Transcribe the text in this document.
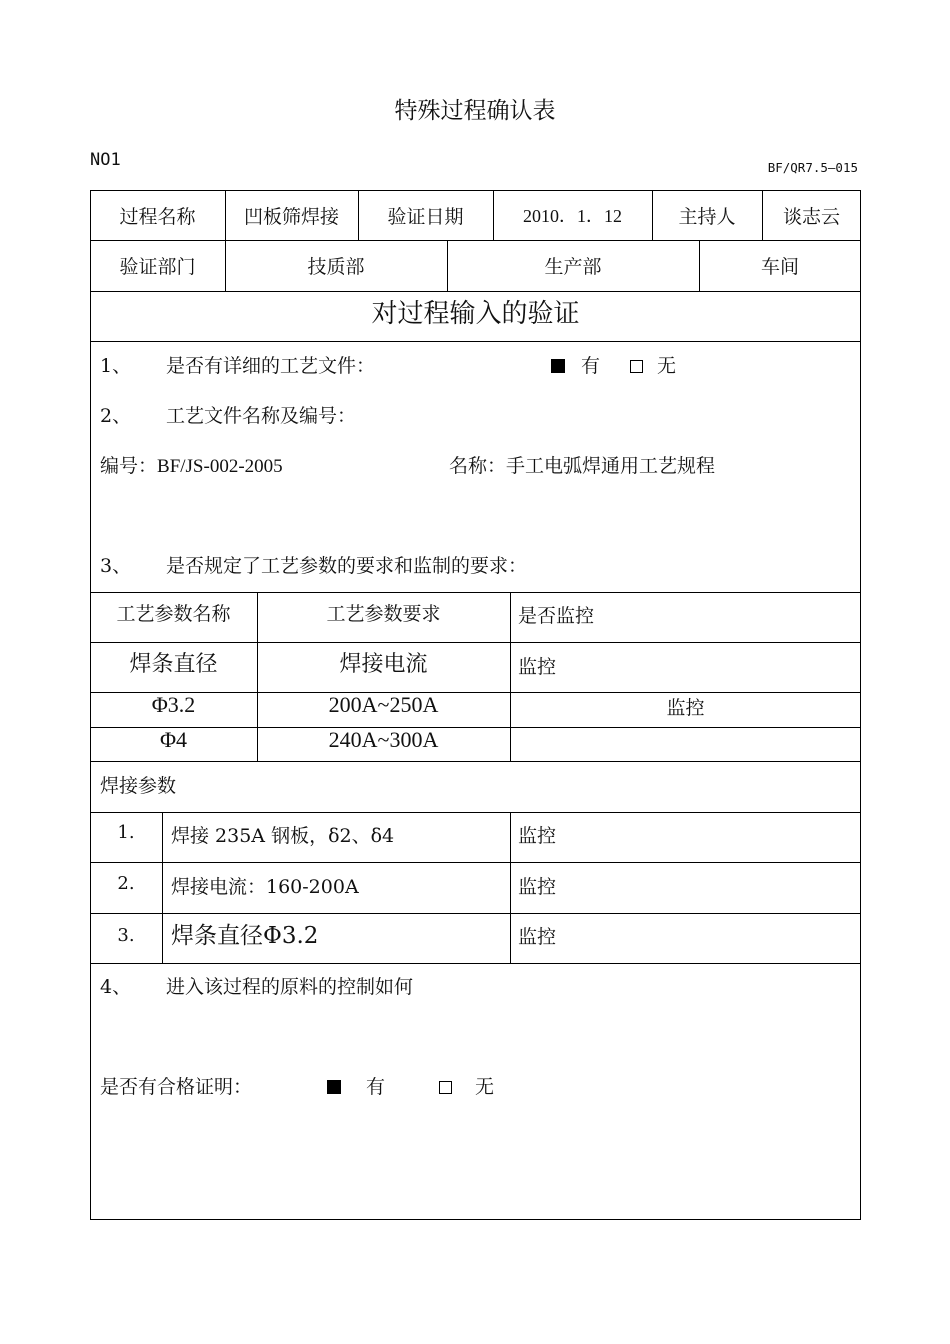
特殊过程确认表
NO1	BF/QR7.5—015
过程名称	凹板筛焊接	验证日期	2010．1．12	主持人	谈志云
验证部门	技质部	生产部	车间
对过程输入的验证
1、 是否有详细的工艺文件：	有	无
2、 工艺文件名称及编号：
编号：BF/JS-002-2005	名称：手工电弧焊通用工艺规程
3、 是否规定了工艺参数的要求和监制的要求：
工艺参数名称	工艺参数要求	是否监控
焊条直径	焊接电流	监控
Φ3.2	200A~250A	监控
Φ4	240A~300A
焊接参数
1.	焊接 235A 钢板，δ2、δ4	监控
2.	焊接电流：160-200A	监控
3.	焊条直径Φ3.2	监控
4、 进入该过程的原料的控制如何
是否有合格证明：	有	无
